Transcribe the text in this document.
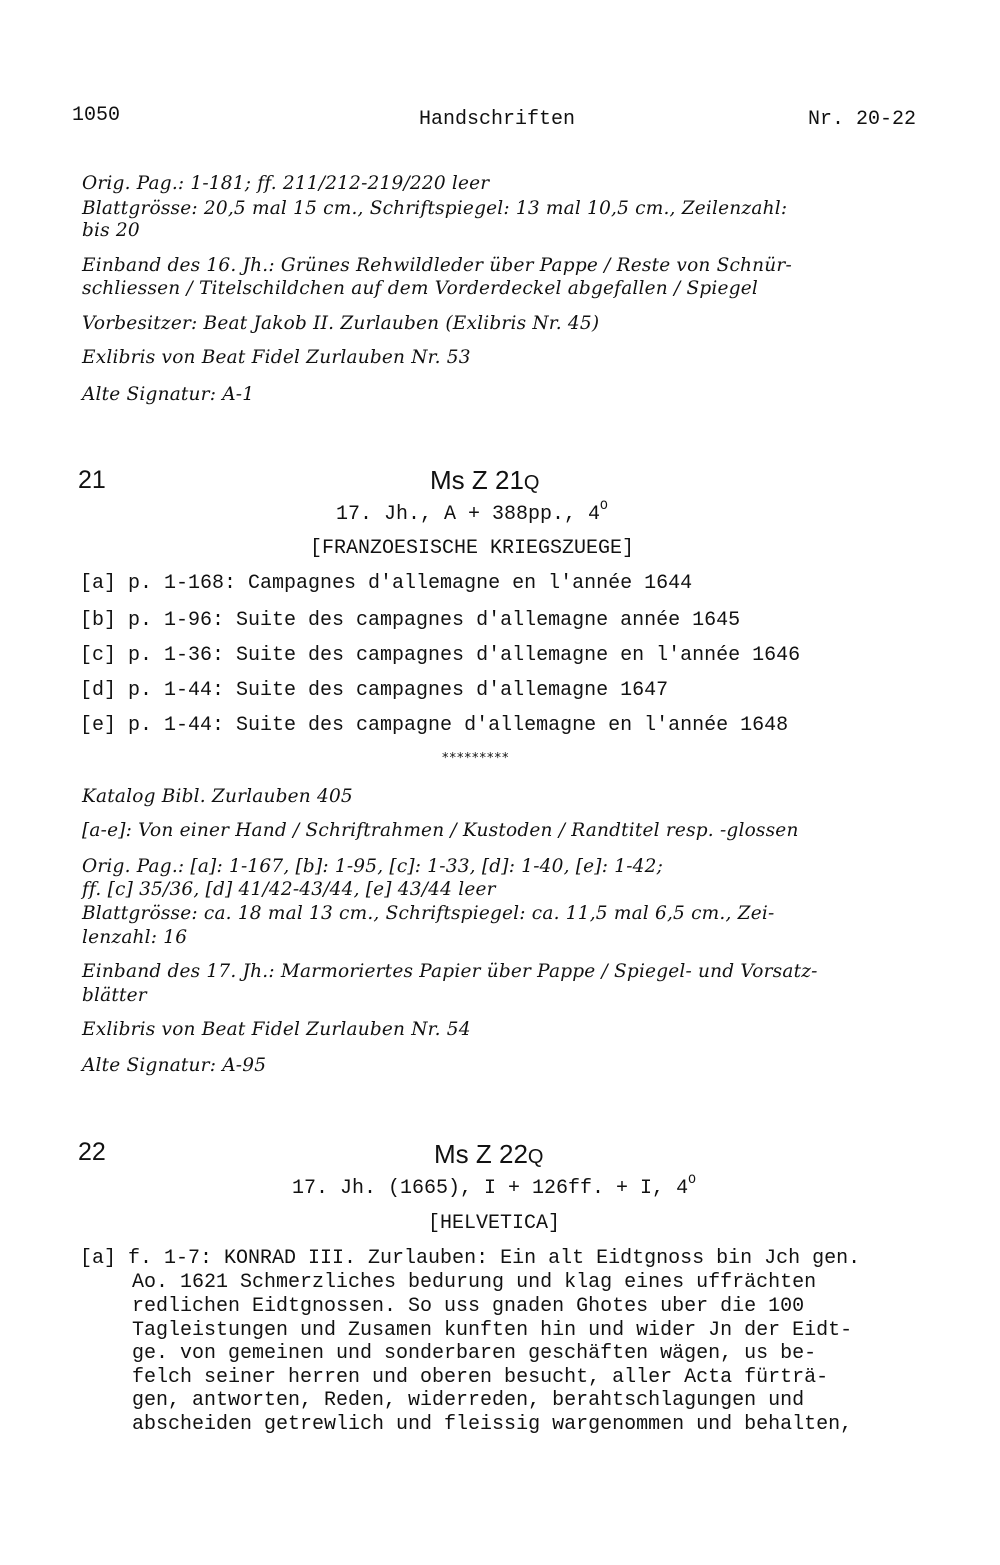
1050	Handschriften	Nr. 20-22
Orig. Pag.: 1-181; ff. 211/212-219/220 leer
Blattgrösse: 20,5 mal 15 cm., Schriftspiegel: 13 mal 10,5 cm., Zeilenzahl:
bis 20
Einband des 16. Jh.: Grünes Rehwildleder über Pappe / Reste von Schnür-
schliessen / Titelschildchen auf dem Vorderdeckel abgefallen / Spiegel
Vorbesitzer: Beat Jakob II. Zurlauben (Exlibris Nr. 45)
Exlibris von Beat Fidel Zurlauben Nr. 53
Alte Signatur: A-1
21	Ms Z 21Q
17. Jh., A + 388pp., $4^O$
[FRANZOESISCHE KRIEGSZUEGE]
[a] p. 1-168: Campagnes d'allemagne en l'année 1644
[b] p. 1-96: Suite des campagnes d'allemagne année 1645
[c] p. 1-36: Suite des campagnes d'allemagne en l'année 1646
[d] p. 1-44: Suite des campagnes d'allemagne 1647
[e] p. 1-44: Suite des campagne d'allemagne en l'année 1648
*********
Katalog Bibl. Zurlauben 405
[a-e]: Von einer Hand / Schriftrahmen / Kustoden / Randtitel resp. -glossen
Orig. Pag.: [a]: 1-167, [b]: 1-95, [c]: 1-33, [d]: 1-40, [e]: 1-42;
ff. [c] 35/36, [d] 41/42-43/44, [e] 43/44 leer
Blattgrösse: ca. 18 mal 13 cm., Schriftspiegel: ca. 11,5 mal 6,5 cm., Zei-
lenzahl: 16
Einband des 17. Jh.: Marmoriertes Papier über Pappe / Spiegel- und Vorsatz-
blätter
Exlibris von Beat Fidel Zurlauben Nr. 54
Alte Signatur: A-95
22	Ms Z 22Q
17. Jh. (1665), I + 126ff. + I, $4^O$
[HELVETICA]
[a] f. 1-7: KONRAD III. Zurlauben: Ein alt Eidtgnoss bin Jch gen.
Ao. 1621 Schmerzliches bedurung und klag eines uffrächten
redlichen Eidtgnossen. So uss gnaden Ghotes uber die 100
Tagleistungen und Zusamen kunften hin und wider Jn der Eidt-
ge. von gemeinen und sonderbaren geschäften wägen, us be-
felch seiner herren und oberen besucht, aller Acta fürträ-
gen, antworten, Reden, widerreden, berahtschlagungen und
abscheiden getrewlich und fleissig wargenommen und behalten,
